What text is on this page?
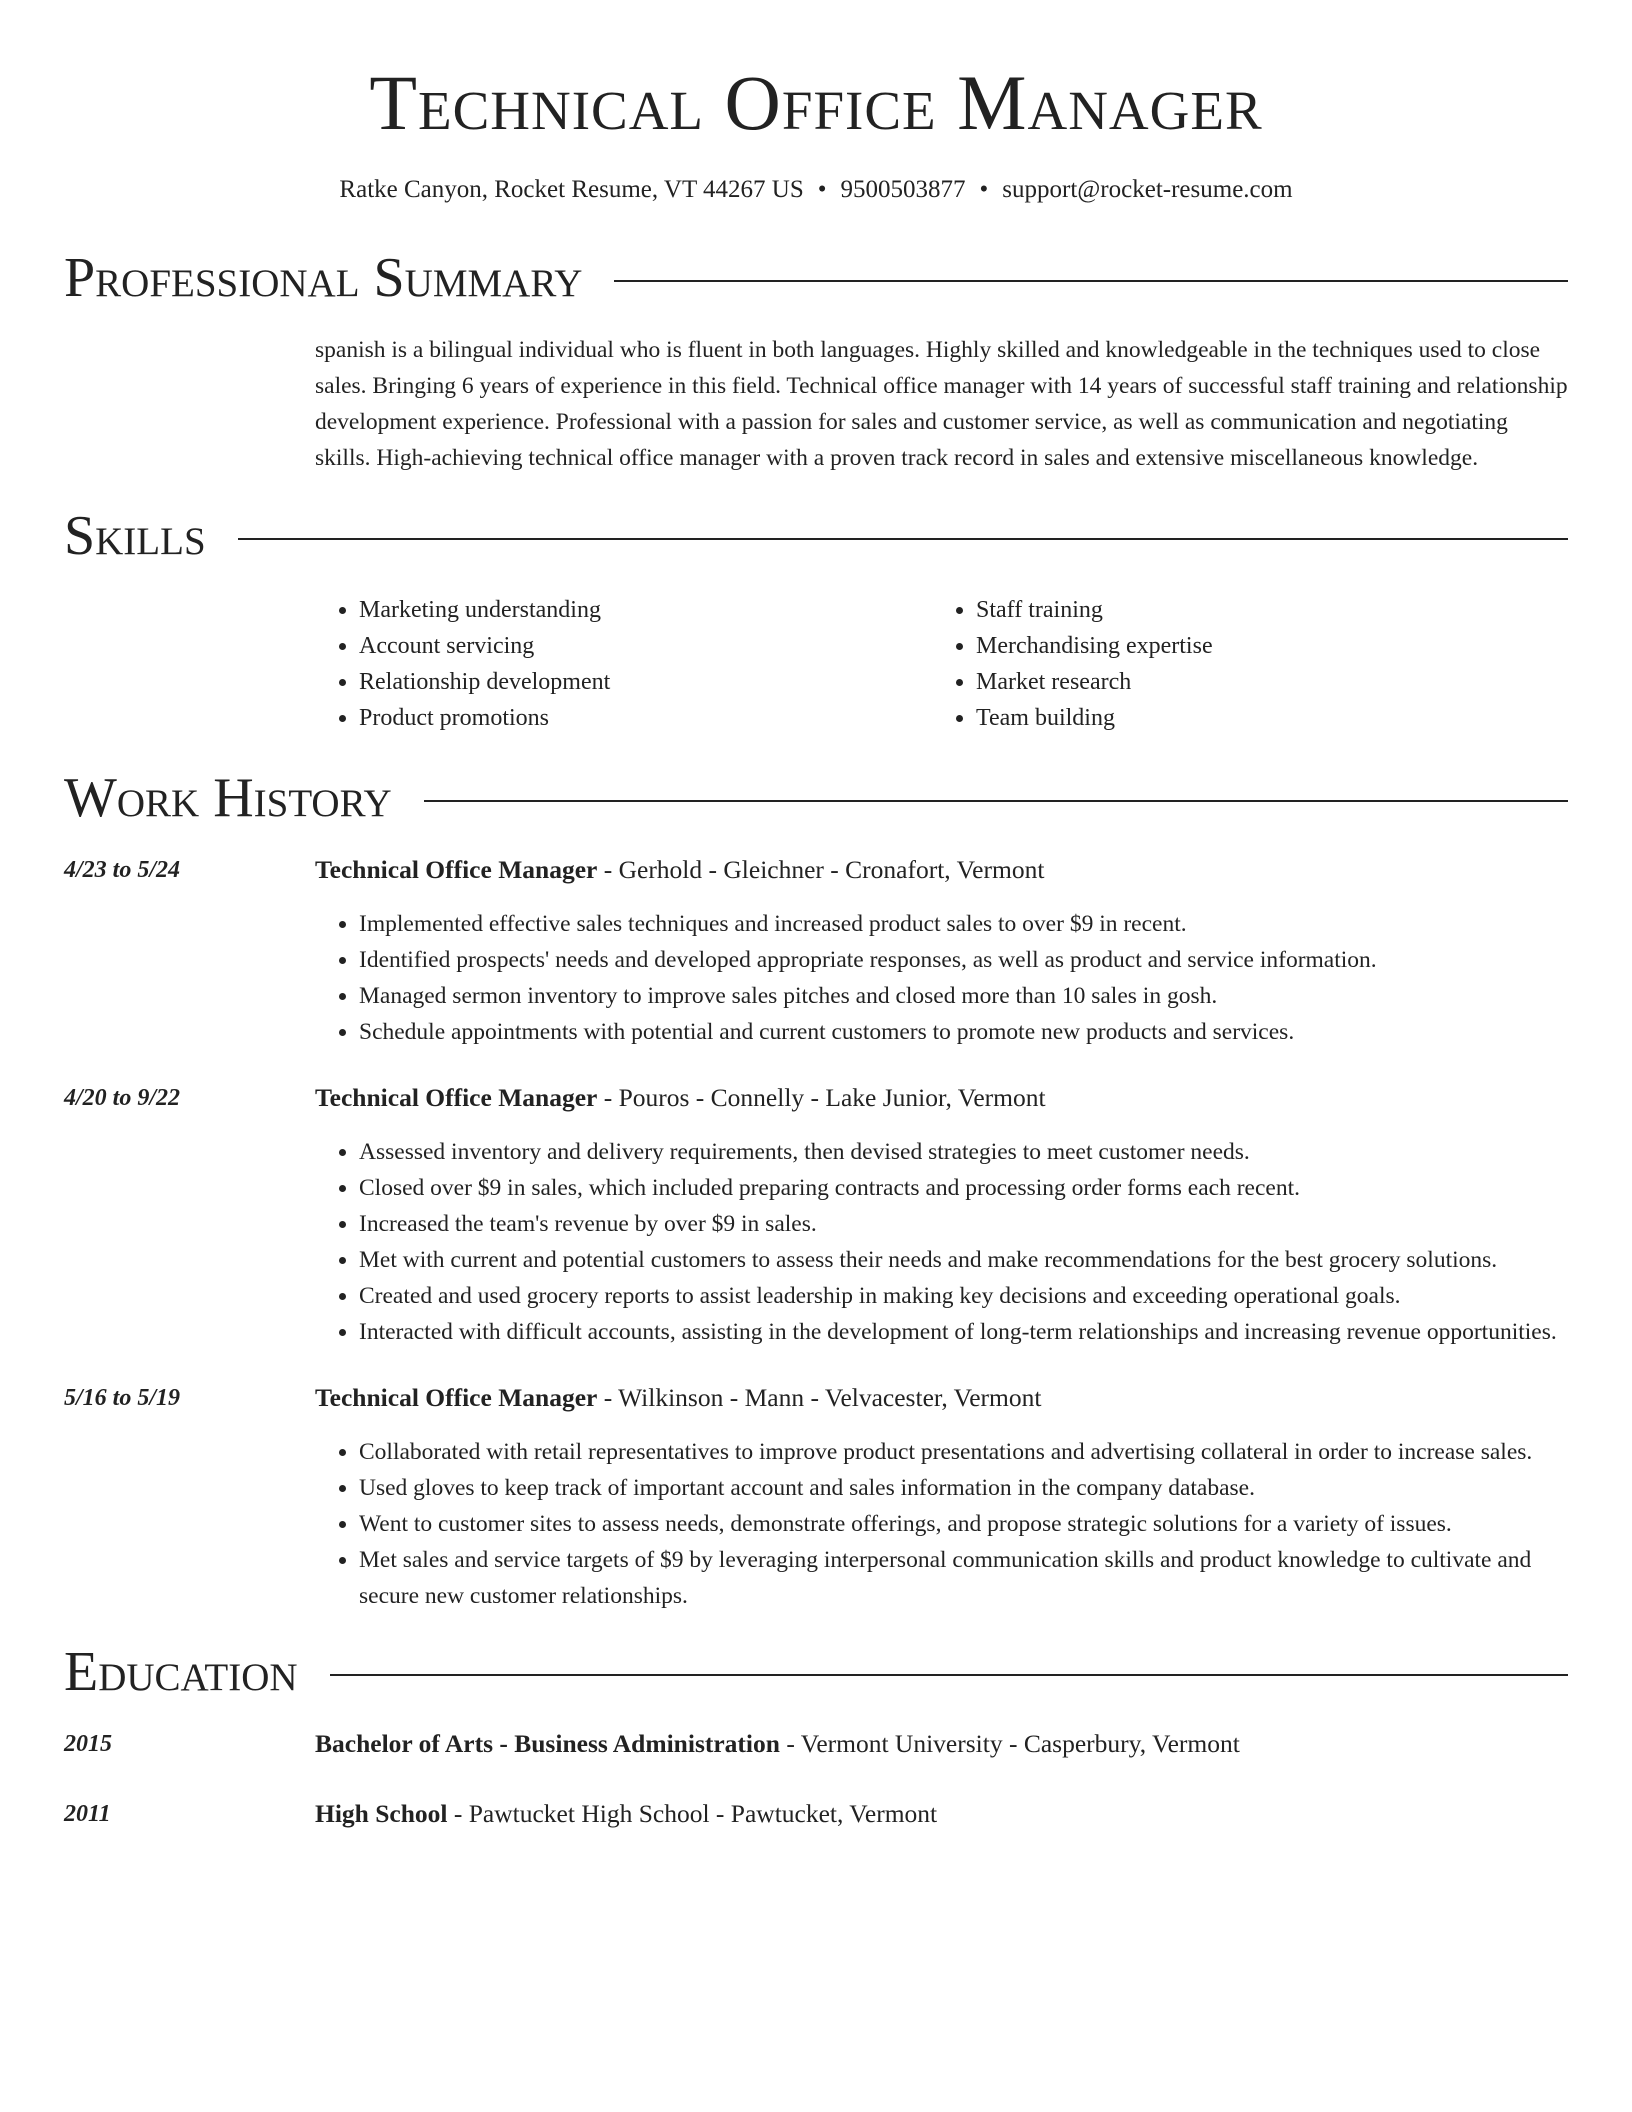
Technical Office Manager
Ratke Canyon, Rocket Resume, VT 44267 US • 9500503877 • support@rocket-resume.com
Professional Summary
spanish is a bilingual individual who is fluent in both languages. Highly skilled and knowledgeable in the techniques used to close sales. Bringing 6 years of experience in this field. Technical office manager with 14 years of successful staff training and relationship development experience. Professional with a passion for sales and customer service, as well as communication and negotiating skills. High-achieving technical office manager with a proven track record in sales and extensive miscellaneous knowledge.
Skills
• Marketing understanding
• Account servicing
• Relationship development
• Product promotions
• Staff training
• Merchandising expertise
• Market research
• Team building
Work History
4/23 to 5/24	Technical Office Manager - Gerhold - Gleichner - Cronafort, Vermont
• Implemented effective sales techniques and increased product sales to over $9 in recent.
• Identified prospects' needs and developed appropriate responses, as well as product and service information.
• Managed sermon inventory to improve sales pitches and closed more than 10 sales in gosh.
• Schedule appointments with potential and current customers to promote new products and services.
4/20 to 9/22	Technical Office Manager - Pouros - Connelly - Lake Junior, Vermont
• Assessed inventory and delivery requirements, then devised strategies to meet customer needs.
• Closed over $9 in sales, which included preparing contracts and processing order forms each recent.
• Increased the team's revenue by over $9 in sales.
• Met with current and potential customers to assess their needs and make recommendations for the best grocery solutions.
• Created and used grocery reports to assist leadership in making key decisions and exceeding operational goals.
• Interacted with difficult accounts, assisting in the development of long-term relationships and increasing revenue opportunities.
5/16 to 5/19	Technical Office Manager - Wilkinson - Mann - Velvacester, Vermont
• Collaborated with retail representatives to improve product presentations and advertising collateral in order to increase sales.
• Used gloves to keep track of important account and sales information in the company database.
• Went to customer sites to assess needs, demonstrate offerings, and propose strategic solutions for a variety of issues.
• Met sales and service targets of $9 by leveraging interpersonal communication skills and product knowledge to cultivate and secure new customer relationships.
Education
2015	Bachelor of Arts - Business Administration - Vermont University - Casperbury, Vermont
2011	High School - Pawtucket High School - Pawtucket, Vermont
